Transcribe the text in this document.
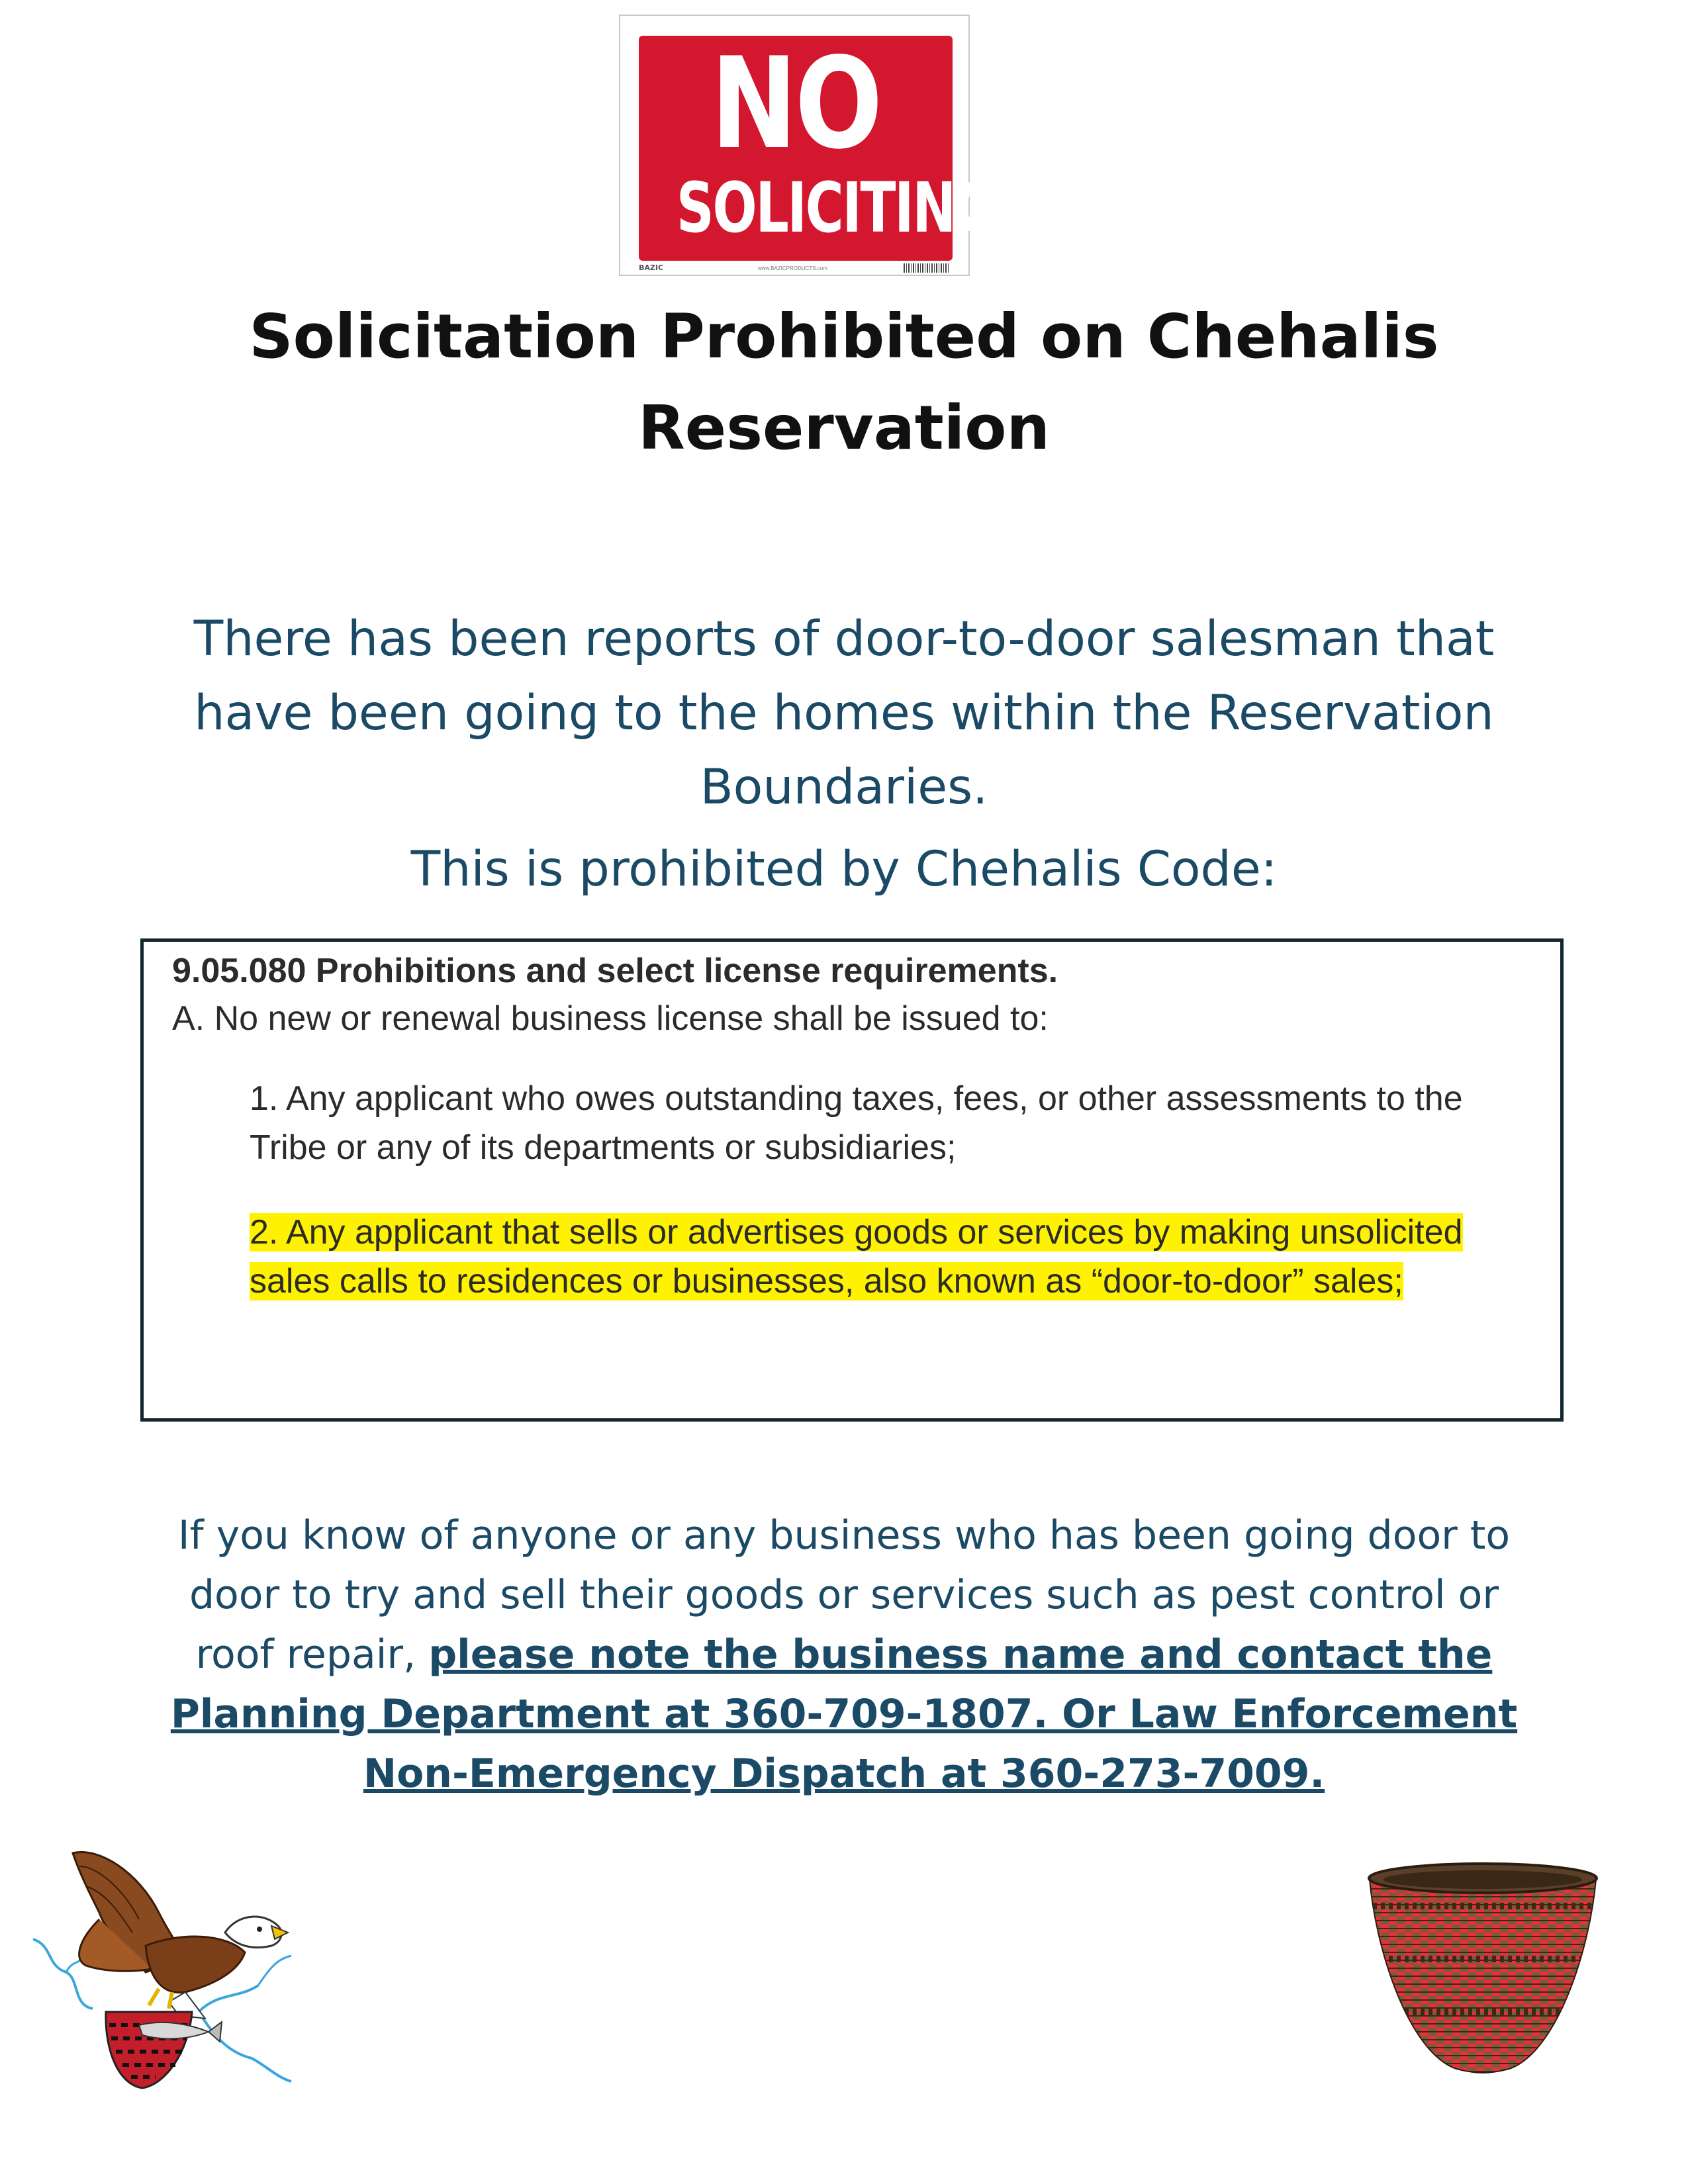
NO
SOLICITING
BAZIC	www.BAZICPRODUCTS.com
Solicitation Prohibited on Chehalis
Reservation
There has been reports of door-to-door salesman that
have been going to the homes within the Reservation
Boundaries.
This is prohibited by Chehalis Code:
9.05.080 Prohibitions and select license requirements.
A. No new or renewal business license shall be issued to:
1. Any applicant who owes outstanding taxes, fees, or other assessments to the Tribe or any of its departments or subsidiaries;
2. Any applicant that sells or advertises goods or services by making unsolicited sales calls to residences or businesses, also known as “door-to-door” sales;
If you know of anyone or any business who has been going door to
door to try and sell their goods or services such as pest control or
roof repair, please note the business name and contact the
Planning Department at 360-709-1807. Or Law Enforcement
Non-Emergency Dispatch at 360-273-7009.
